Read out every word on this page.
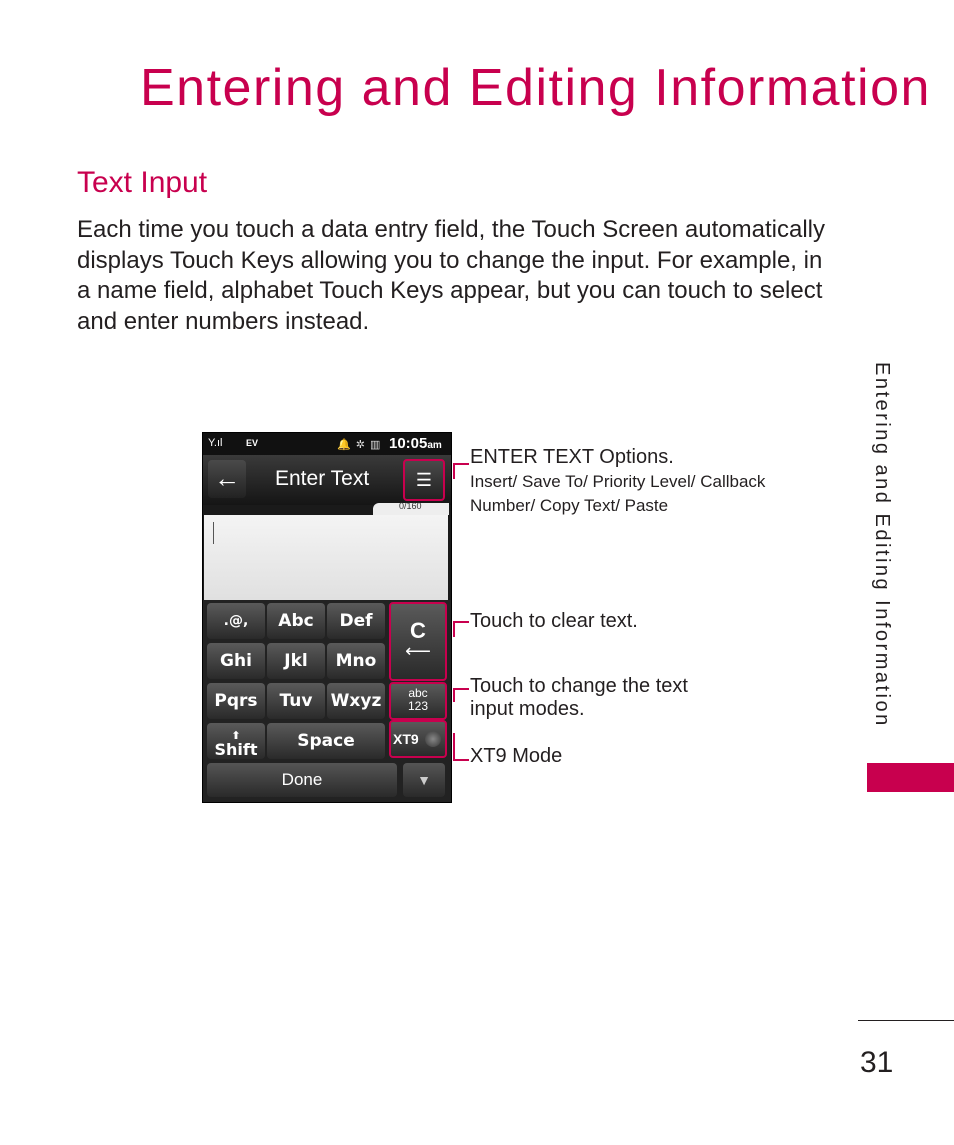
Entering and Editing Information
Text Input
Each time you touch a data entry field, the Touch Screen automatically displays Touch Keys allowing you to change the input. For example, in a name field, alphabet Touch Keys appear, but you can touch to select and enter numbers instead.
Entering and Editing Information
31
Y.ıl	EV	🔔 ✲ ▥ 10:05am
← Enter Text	☰
0/160
.@,	Abc	Def
Ghi	Jkl	Mno
Pqrs	Tuv	Wxyz
⬆
Shift	Space
C
⟵
abc
123
XT9
Done	▼
ENTER TEXT Options.
Insert/ Save To/ Priority Level/ Callback
Number/ Copy Text/ Paste
Touch to clear text.
Touch to change the text
input modes.
XT9 Mode
